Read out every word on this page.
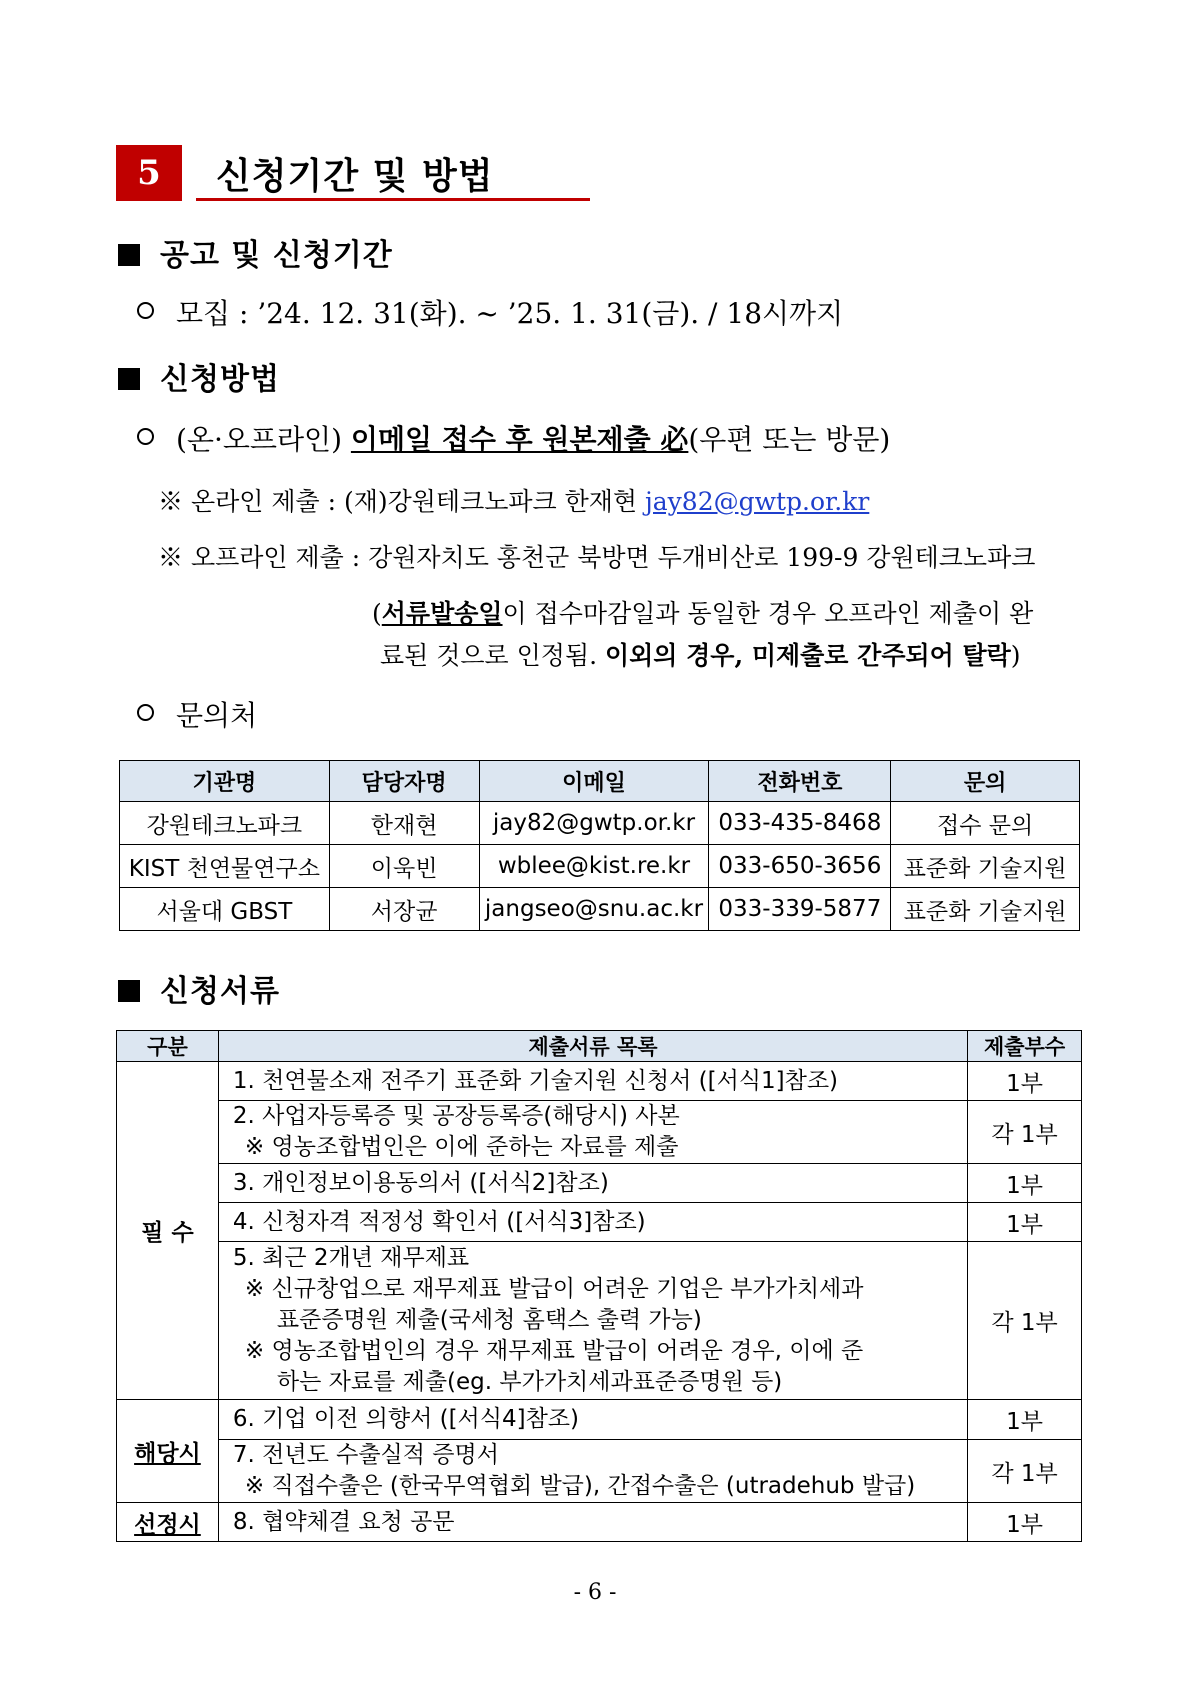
5	신청기간 및 방법
공고 및 신청기간
모집 : ’24. 12. 31(화). ~ ’25. 1. 31(금). / 18시까지
신청방법
(온·오프라인) 이메일 접수 후 원본제출 必(우편 또는 방문)
※ 온라인 제출 : (재)강원테크노파크 한재현 jay82@gwtp.or.kr
※ 오프라인 제출 : 강원자치도 홍천군 북방면 두개비산로 199-9 강원테크노파크
(서류발송일이 접수마감일과 동일한 경우 오프라인 제출이 완
료된 것으로 인정됨. 이외의 경우, 미제출로 간주되어 탈락)
문의처
기관명	담당자명	이메일	전화번호	문의
강원테크노파크	한재현	jay82@gwtp.or.kr	033-435-8468	접수 문의
KIST 천연물연구소	이욱빈	wblee@kist.re.kr	033-650-3656	표준화 기술지원
서울대 GBST	서장균	jangseo@snu.ac.kr	033-339-5877	표준화 기술지원
신청서류
구분	제출서류 목록	제출부수
필 수	1. 천연물소재 전주기 표준화 기술지원 신청서 ([서식1]참조)	1부

	2. 사업자등록증 및 공장등록증(해당시) 사본
※ 영농조합법인은 이에 준하는 자료를 제출	각 1부

	3. 개인정보이용동의서 ([서식2]참조)	1부

	4. 신청자격 적정성 확인서 ([서식3]참조)	1부

	5. 최근 2개년 재무제표
※ 신규창업으로 재무제표 발급이 어려운 기업은 부가가치세과
표준증명원 제출(국세청 홈택스 출력 가능)
※ 영농조합법인의 경우 재무제표 발급이 어려운 경우, 이에 준
하는 자료를 제출(eg. 부가가치세과표준증명원 등)	각 1부
해당시	6. 기업 이전 의향서 ([서식4]참조)	1부

	7. 전년도 수출실적 증명서
※ 직접수출은 (한국무역협회 발급), 간접수출은 (utradehub 발급)	각 1부
선정시	8. 협약체결 요청 공문	1부
- 6 -
